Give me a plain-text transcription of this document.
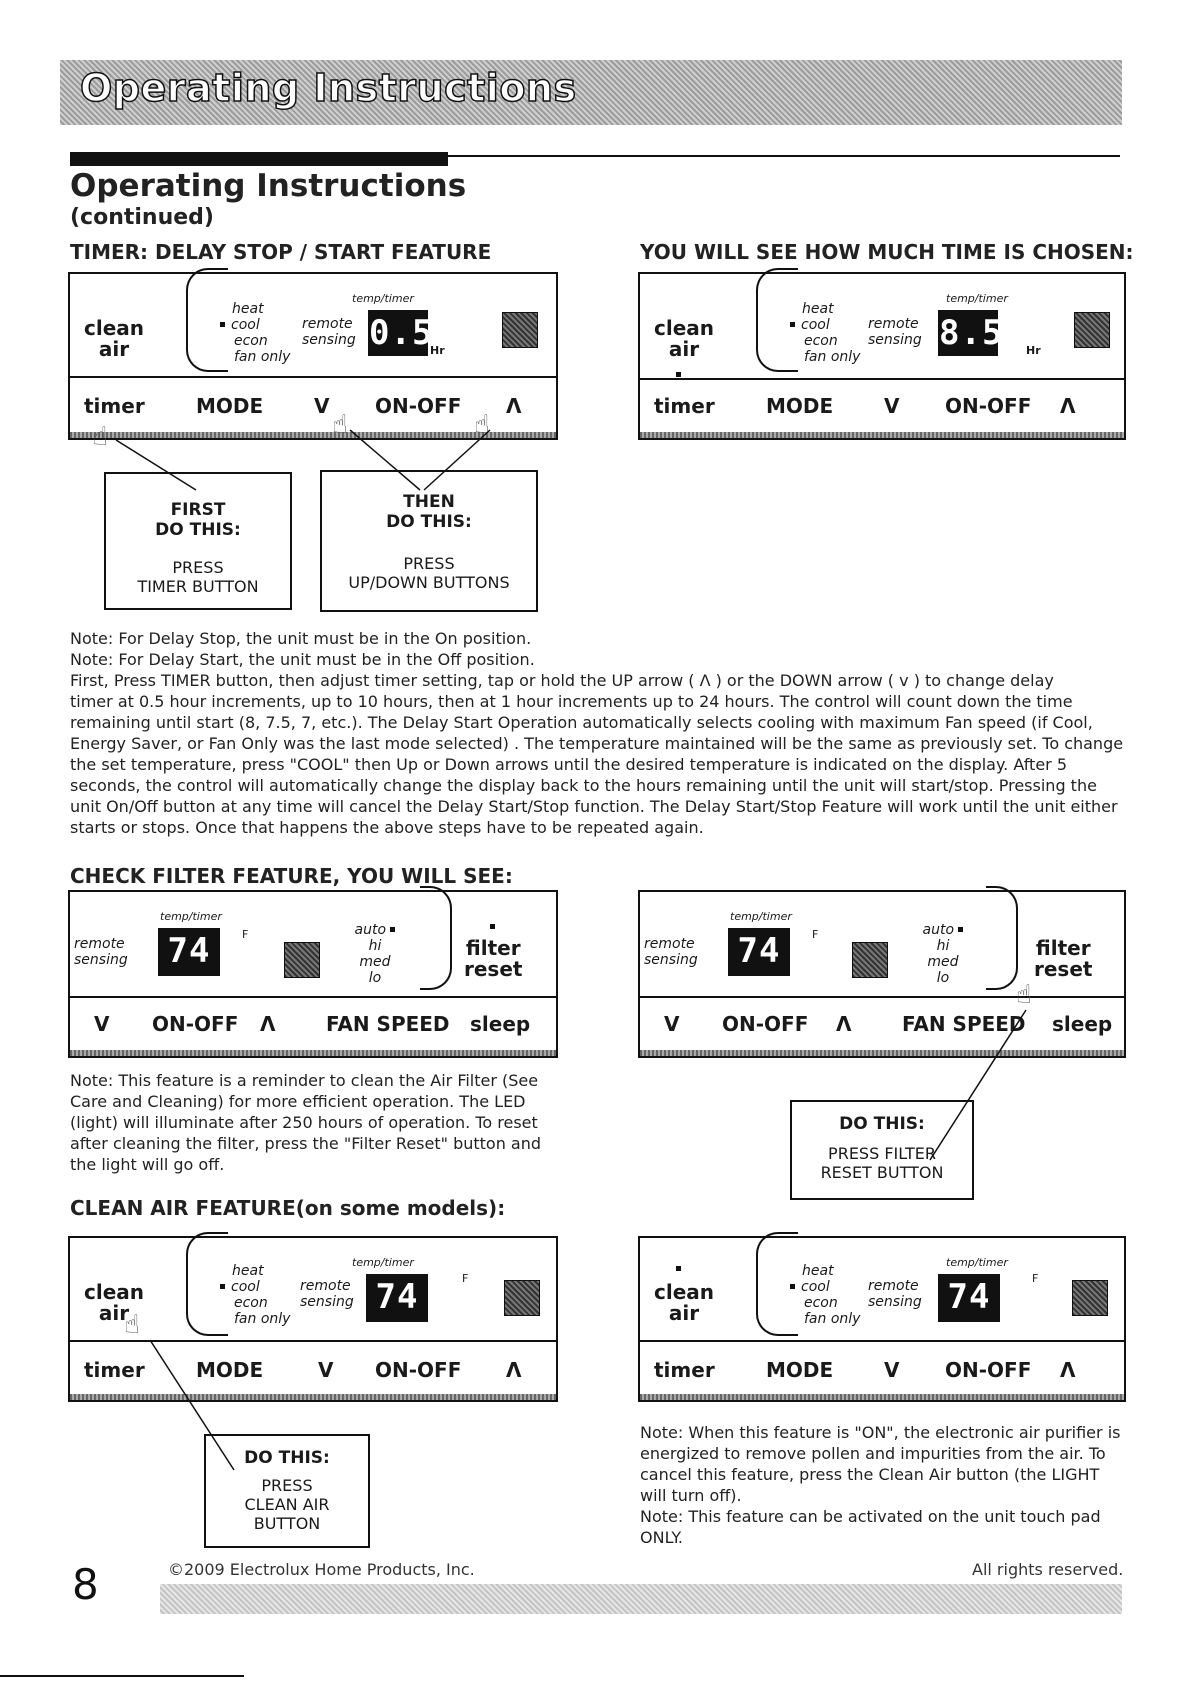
Operating Instructions
Operating Instructions
(continued)
TIMER: DELAY STOP / START FEATURE	YOU WILL SEE HOW MUCH TIME IS CHOSEN:
clean
air
heat
cool
econ
fan only
remote
sensing
temp/timer
0.5
Hr
timer	MODE	V ON-OFF Λ
clean
air
heat
cool
econ
fan only
remote
sensing
temp/timer
8.5 Hr
timer	MODE	V ON-OFF Λ
☝	☝	☝
FIRST
DO THIS:
PRESS
TIMER BUTTON
THEN
DO THIS:
PRESS
UP/DOWN BUTTONS
Note: For Delay Stop, the unit must be in the On position.
Note: For Delay Start, the unit must be in the Off position.
First, Press TIMER button, then adjust timer setting, tap or hold the UP arrow ( Λ ) or the DOWN arrow ( v ) to change delay
timer at 0.5 hour increments, up to 10 hours, then at 1 hour increments up to 24 hours. The control will count down the time
remaining until start (8, 7.5, 7, etc.). The Delay Start Operation automatically selects cooling with maximum Fan speed (if Cool,
Energy Saver, or Fan Only was the last mode selected) . The temperature maintained will be the same as previously set. To change
the set temperature, press "COOL" then Up or Down arrows until the desired temperature is indicated on the display. After 5
seconds, the control will automatically change the display back to the hours remaining until the unit will start/stop. Pressing the
unit On/Off button at any time will cancel the Delay Start/Stop function. The Delay Start/Stop Feature will work until the unit either
starts or stops. Once that happens the above steps have to be repeated again.
CHECK FILTER FEATURE, YOU WILL SEE:
temp/timer
remote
sensing 74	F	auto
hi
med
lo
filter
reset
V ON-OFF Λ	FAN SPEED sleep
temp/timer
remote
sensing 74	F	auto
hi
med
lo
filter
reset
V ON-OFF Λ	FAN SPEED sleep
☝
Note: This feature is a reminder to clean the Air Filter (See
Care and Cleaning) for more efficient operation. The LED
(light) will illuminate after 250 hours of operation. To reset
after cleaning the filter, press the "Filter Reset" button and
the light will go off.
DO THIS:
PRESS FILTER
RESET BUTTON
CLEAN AIR FEATURE(on some models):
clean
air
heat
cool
econ
fan only
remote
sensing
temp/timer
74	F
timer	MODE	V ON-OFF Λ
clean
air
heat
cool
econ
fan only
remote
sensing
temp/timer
74	F
timer	MODE	V ON-OFF Λ
☝
DO THIS:
PRESS
CLEAN AIR
BUTTON
Note: When this feature is "ON", the electronic air purifier is
energized to remove pollen and impurities from the air. To
cancel this feature, press the Clean Air button (the LIGHT
will turn off).
Note: This feature can be activated on the unit touch pad
ONLY.
8	©2009 Electrolux Home Products, Inc.	All rights reserved.
